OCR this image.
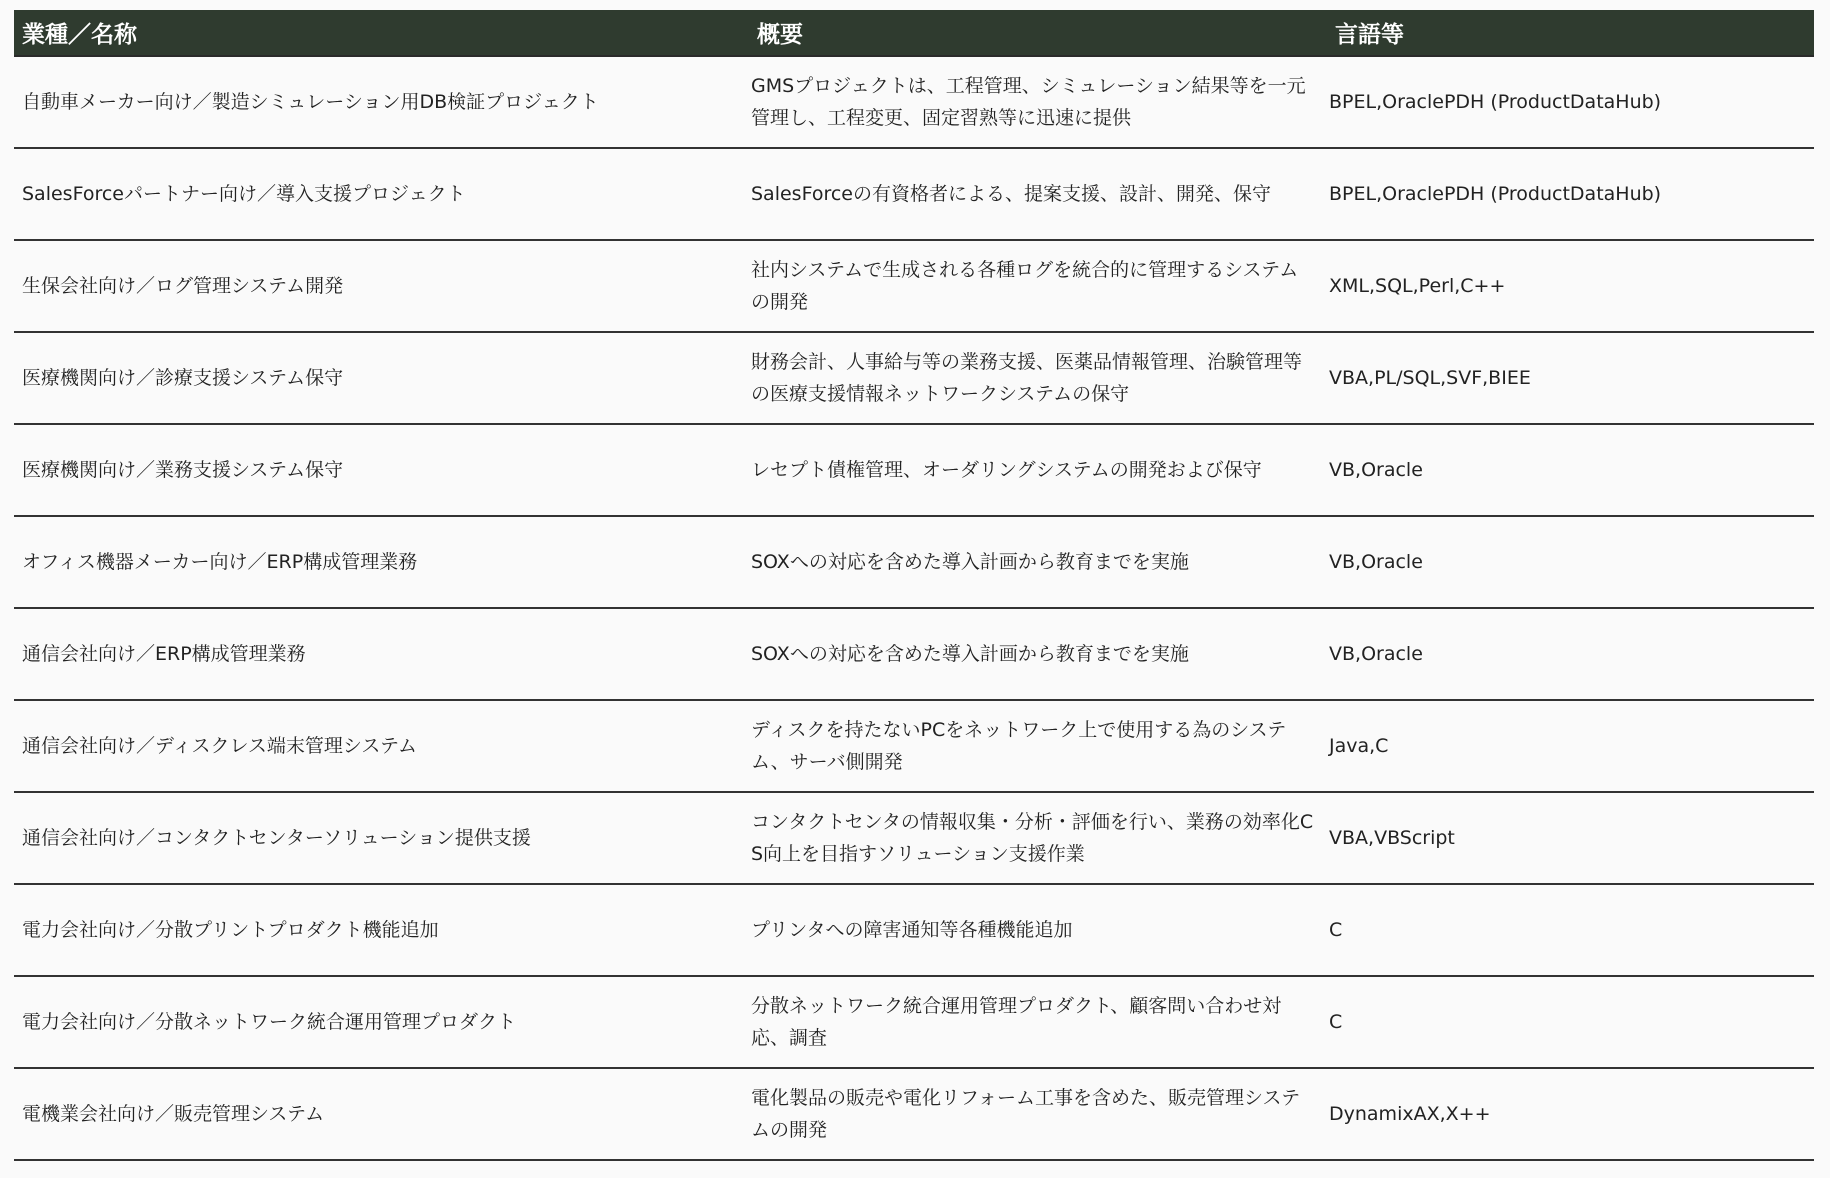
業種／名称	概要	言語等
自動車メーカー向け／製造シミュレーション用DB検証プロジェクト	GMSプロジェクトは、工程管理、シミュレーション結果等を一元管理し、工程変更、固定習熟等に迅速に提供	BPEL,OraclePDH (ProductDataHub)
SalesForceパートナー向け／導入支援プロジェクト	SalesForceの有資格者による、提案支援、設計、開発、保守	BPEL,OraclePDH (ProductDataHub)
生保会社向け／ログ管理システム開発	社内システムで生成される各種ログを統合的に管理するシステムの開発	XML,SQL,Perl,C++
医療機関向け／診療支援システム保守	財務会計、人事給与等の業務支援、医薬品情報管理、治験管理等の医療支援情報ネットワークシステムの保守	VBA,PL/SQL,SVF,BIEE
医療機関向け／業務支援システム保守	レセプト債権管理、オーダリングシステムの開発および保守	VB,Oracle
オフィス機器メーカー向け／ERP構成管理業務	SOXへの対応を含めた導入計画から教育までを実施	VB,Oracle
通信会社向け／ERP構成管理業務	SOXへの対応を含めた導入計画から教育までを実施	VB,Oracle
通信会社向け／ディスクレス端末管理システム	ディスクを持たないPCをネットワーク上で使用する為のシステム、サーバ側開発	Java,C
通信会社向け／コンタクトセンターソリューション提供支援	コンタクトセンタの情報収集・分析・評価を行い、業務の効率化CS向上を目指すソリューション支援作業	VBA,VBScript
電力会社向け／分散プリントプロダクト機能追加	プリンタへの障害通知等各種機能追加	C
電力会社向け／分散ネットワーク統合運用管理プロダクト	分散ネットワーク統合運用管理プロダクト、顧客問い合わせ対応、調査	C
電機業会社向け／販売管理システム	電化製品の販売や電化リフォーム工事を含めた、販売管理システムの開発	DynamixAX,X++
